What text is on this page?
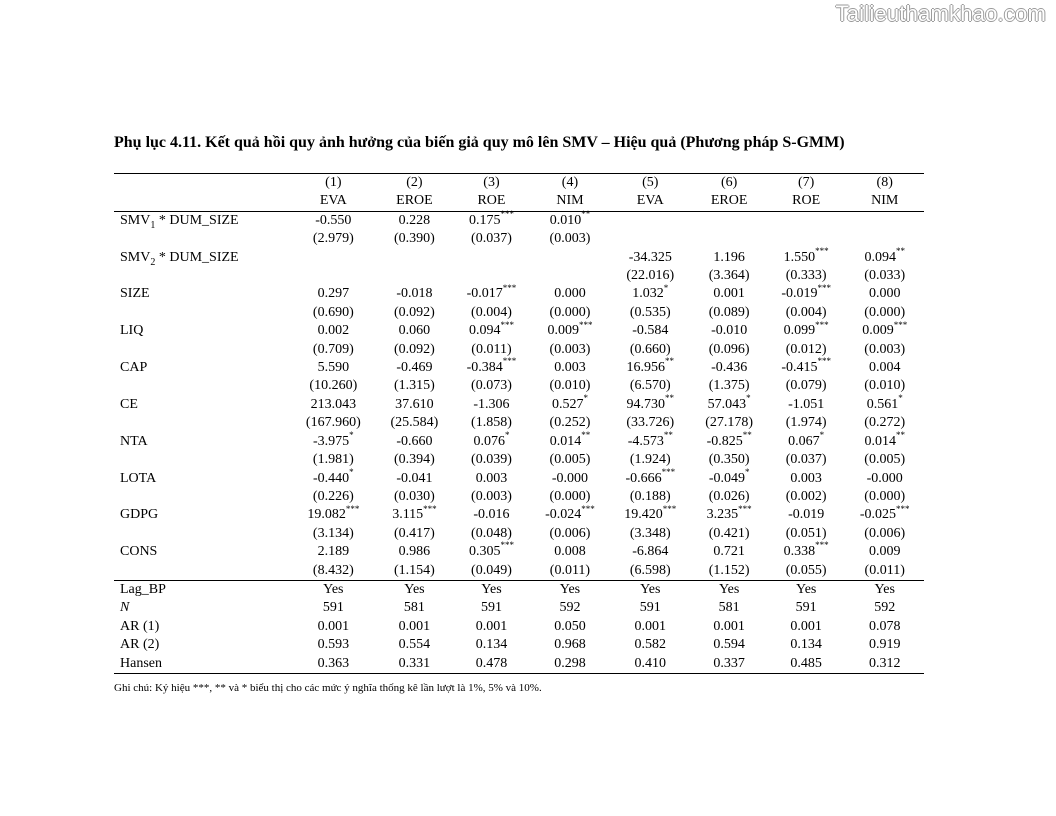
Tailieuthamkhao.com
Phụ lục 4.11. Kết quả hồi quy ảnh hưởng của biến giả quy mô lên SMV – Hiệu quả (Phương pháp S-GMM)
	(1)	(2)	(3)	(4)	(5)	(6)	(7)	(8)
	EVA	EROE	ROE	NIM	EVA	EROE	ROE	NIM
$SMV_1$ * DUM_SIZE	-0.550	0.228	0.175***	0.010**				
	(2.979)	(0.390)	(0.037)	(0.003)				
$SMV_2$ * DUM_SIZE					-34.325	1.196	1.550***	0.094**
					(22.016)	(3.364)	(0.333)	(0.033)
SIZE	0.297	-0.018	-0.017***	0.000	1.032*	0.001	-0.019***	0.000
	(0.690)	(0.092)	(0.004)	(0.000)	(0.535)	(0.089)	(0.004)	(0.000)
LIQ	0.002	0.060	0.094***	0.009***	-0.584	-0.010	0.099***	0.009***
	(0.709)	(0.092)	(0.011)	(0.003)	(0.660)	(0.096)	(0.012)	(0.003)
CAP	5.590	-0.469	-0.384***	0.003	16.956**	-0.436	-0.415***	0.004
	(10.260)	(1.315)	(0.073)	(0.010)	(6.570)	(1.375)	(0.079)	(0.010)
CE	213.043	37.610	-1.306	0.527*	94.730**	57.043*	-1.051	0.561*
	(167.960)	(25.584)	(1.858)	(0.252)	(33.726)	(27.178)	(1.974)	(0.272)
NTA	-3.975*	-0.660	0.076*	0.014**	-4.573**	-0.825**	0.067*	0.014**
	(1.981)	(0.394)	(0.039)	(0.005)	(1.924)	(0.350)	(0.037)	(0.005)
LOTA	-0.440*	-0.041	0.003	-0.000	-0.666***	-0.049*	0.003	-0.000
	(0.226)	(0.030)	(0.003)	(0.000)	(0.188)	(0.026)	(0.002)	(0.000)
GDPG	19.082***	3.115***	-0.016	-0.024***	19.420***	3.235***	-0.019	-0.025***
	(3.134)	(0.417)	(0.048)	(0.006)	(3.348)	(0.421)	(0.051)	(0.006)
CONS	2.189	0.986	0.305***	0.008	-6.864	0.721	0.338***	0.009
	(8.432)	(1.154)	(0.049)	(0.011)	(6.598)	(1.152)	(0.055)	(0.011)
Lag_BP	Yes	Yes	Yes	Yes	Yes	Yes	Yes	Yes
N	591	581	591	592	591	581	591	592
AR (1)	0.001	0.001	0.001	0.050	0.001	0.001	0.001	0.078
AR (2)	0.593	0.554	0.134	0.968	0.582	0.594	0.134	0.919
Hansen	0.363	0.331	0.478	0.298	0.410	0.337	0.485	0.312
Ghi chú: Ký hiệu ***, ** và * biểu thị cho các mức ý nghĩa thống kê lần lượt là 1%, 5% và 10%.
